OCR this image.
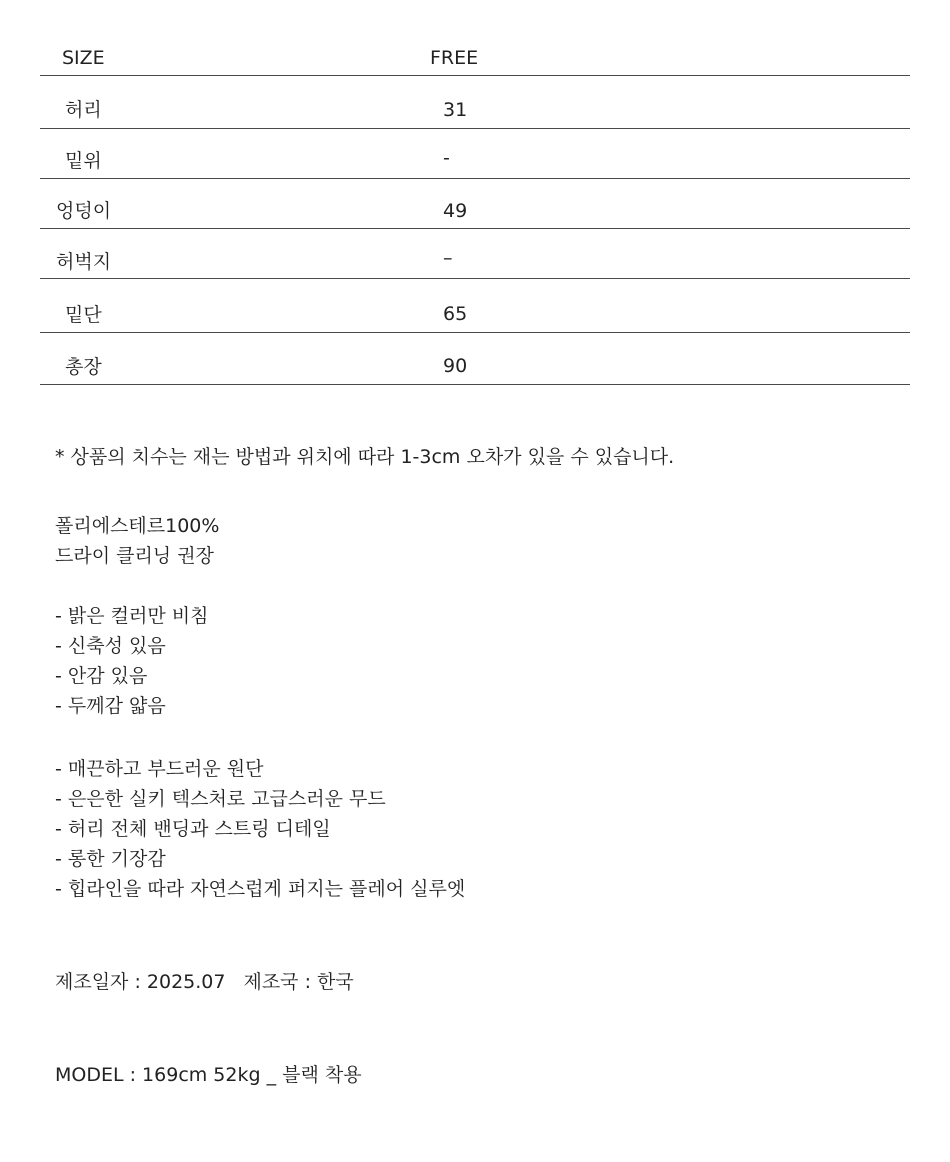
SIZE	FREE
허리	31
밑위	-
엉덩이	49
허벅지	–
밑단	65
총장	90
* 상품의 치수는 재는 방법과 위치에 따라 1-3cm 오차가 있을 수 있습니다.
폴리에스테르100%
드라이 클리닝 권장
- 밝은 컬러만 비침
- 신축성 있음
- 안감 있음
- 두께감 얇음
- 매끈하고 부드러운 원단
- 은은한 실키 텍스처로 고급스러운 무드
- 허리 전체 밴딩과 스트링 디테일
- 롱한 기장감
- 힙라인을 따라 자연스럽게 퍼지는 플레어 실루엣
제조일자 : 2025.07 제조국 : 한국
MODEL : 169cm 52kg _ 블랙 착용
